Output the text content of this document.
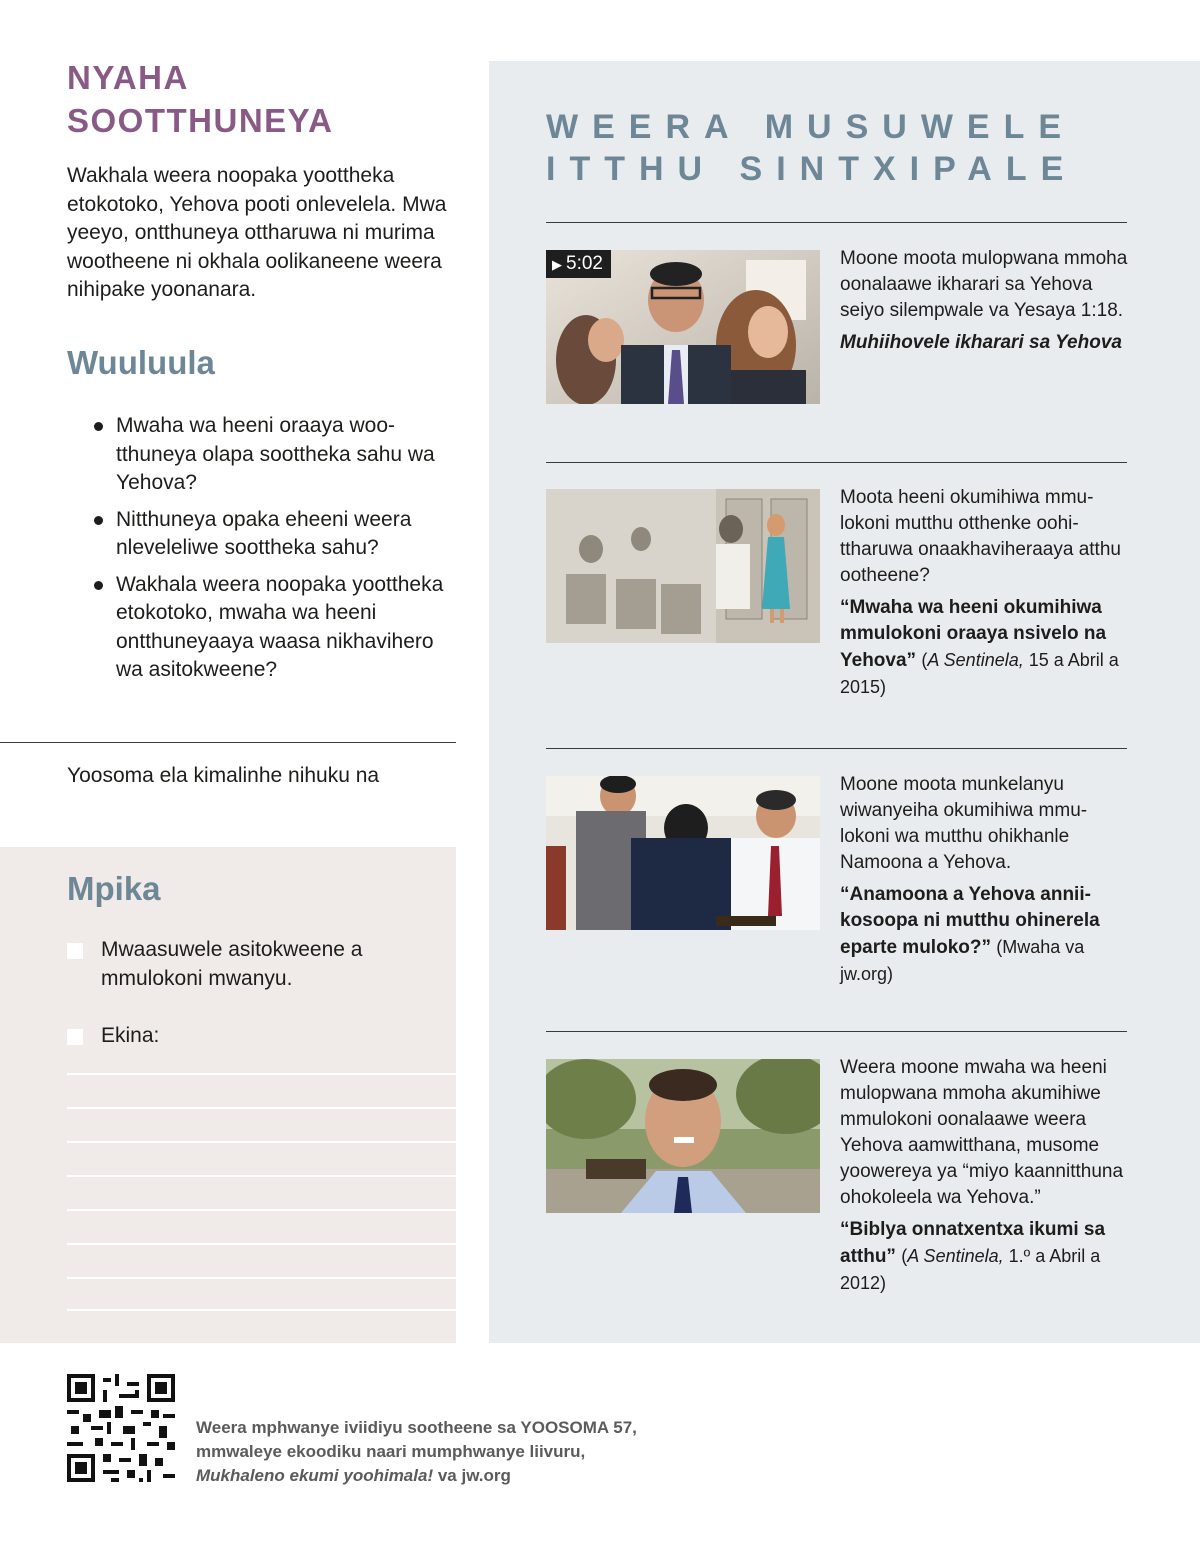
NYAHA
SOOTTHUNEYA

Wakhala weera noopaka yoottheka etokotoko, Yehova pooti onlevelela. Mwa yeeyo, ontthuneya ottharuwa ni murima wootheene ni okhala oolikaneene weera nihipake yoonanara.

Wuuluula
Mwaha wa heeni oraaya wootthuneya olapa soottheka sahu wa Yehova?
Nitthuneya opaka eheeni weera nleveleliwe soottheka sahu?
Wakhala weera noopaka yoottheka etokotoko, mwaha wa heeni ontthuneyaaya waasa nikhavihero wa asitokweene?

Yoosoma ela kimalinhe nihuku na

Mpika
Mwaasuwele asitokweene a mmulokoni mwanyu.
Ekina:
WEERA MUSUWELE
ITTHU SINTXIPALE
▶ 5:02	Moone moota mulopwana mmoha oonalaawe ikharari sa Yehova seiyo silempwale va Yesaya 1:18.

Muhiihovele ikharari sa Yehova

Moota heeni okumihiwa mmulokoni mutthu otthenke oohittharuwa onaakhaviheraaya atthu ootheene?

“Mwaha wa heeni okumihiwa mmulokoni oraaya nsivelo na Yehova” (A Sentinela, 15 a Abril a 2015)

Moone moota munkelanyu wiwanyeiha okumihiwa mmulokoni wa mutthu ohikhanle Namoona a Yehova.

“Anamoona a Yehova anniikosoopa ni mutthu ohinerela eparte muloko?” (Mwaha va jw.org)

Weera moone mwaha wa heeni mulopwana mmoha akumihiwe mmulokoni oonalaawe weera Yehova aamwitthana, musome yoowereya ya “miyo kaannitthuna ohokoleela wa Yehova.”

“Biblya onnatxentxa ikumi sa atthu” (A Sentinela, 1.º a Abril a 2012)

Weera mphwanye iviidiyu sootheene sa YOOSOMA 57,
mmwaleye ekoodiku naari mumphwanye liivuru,
Mukhaleno ekumi yoohimala! va jw.org
